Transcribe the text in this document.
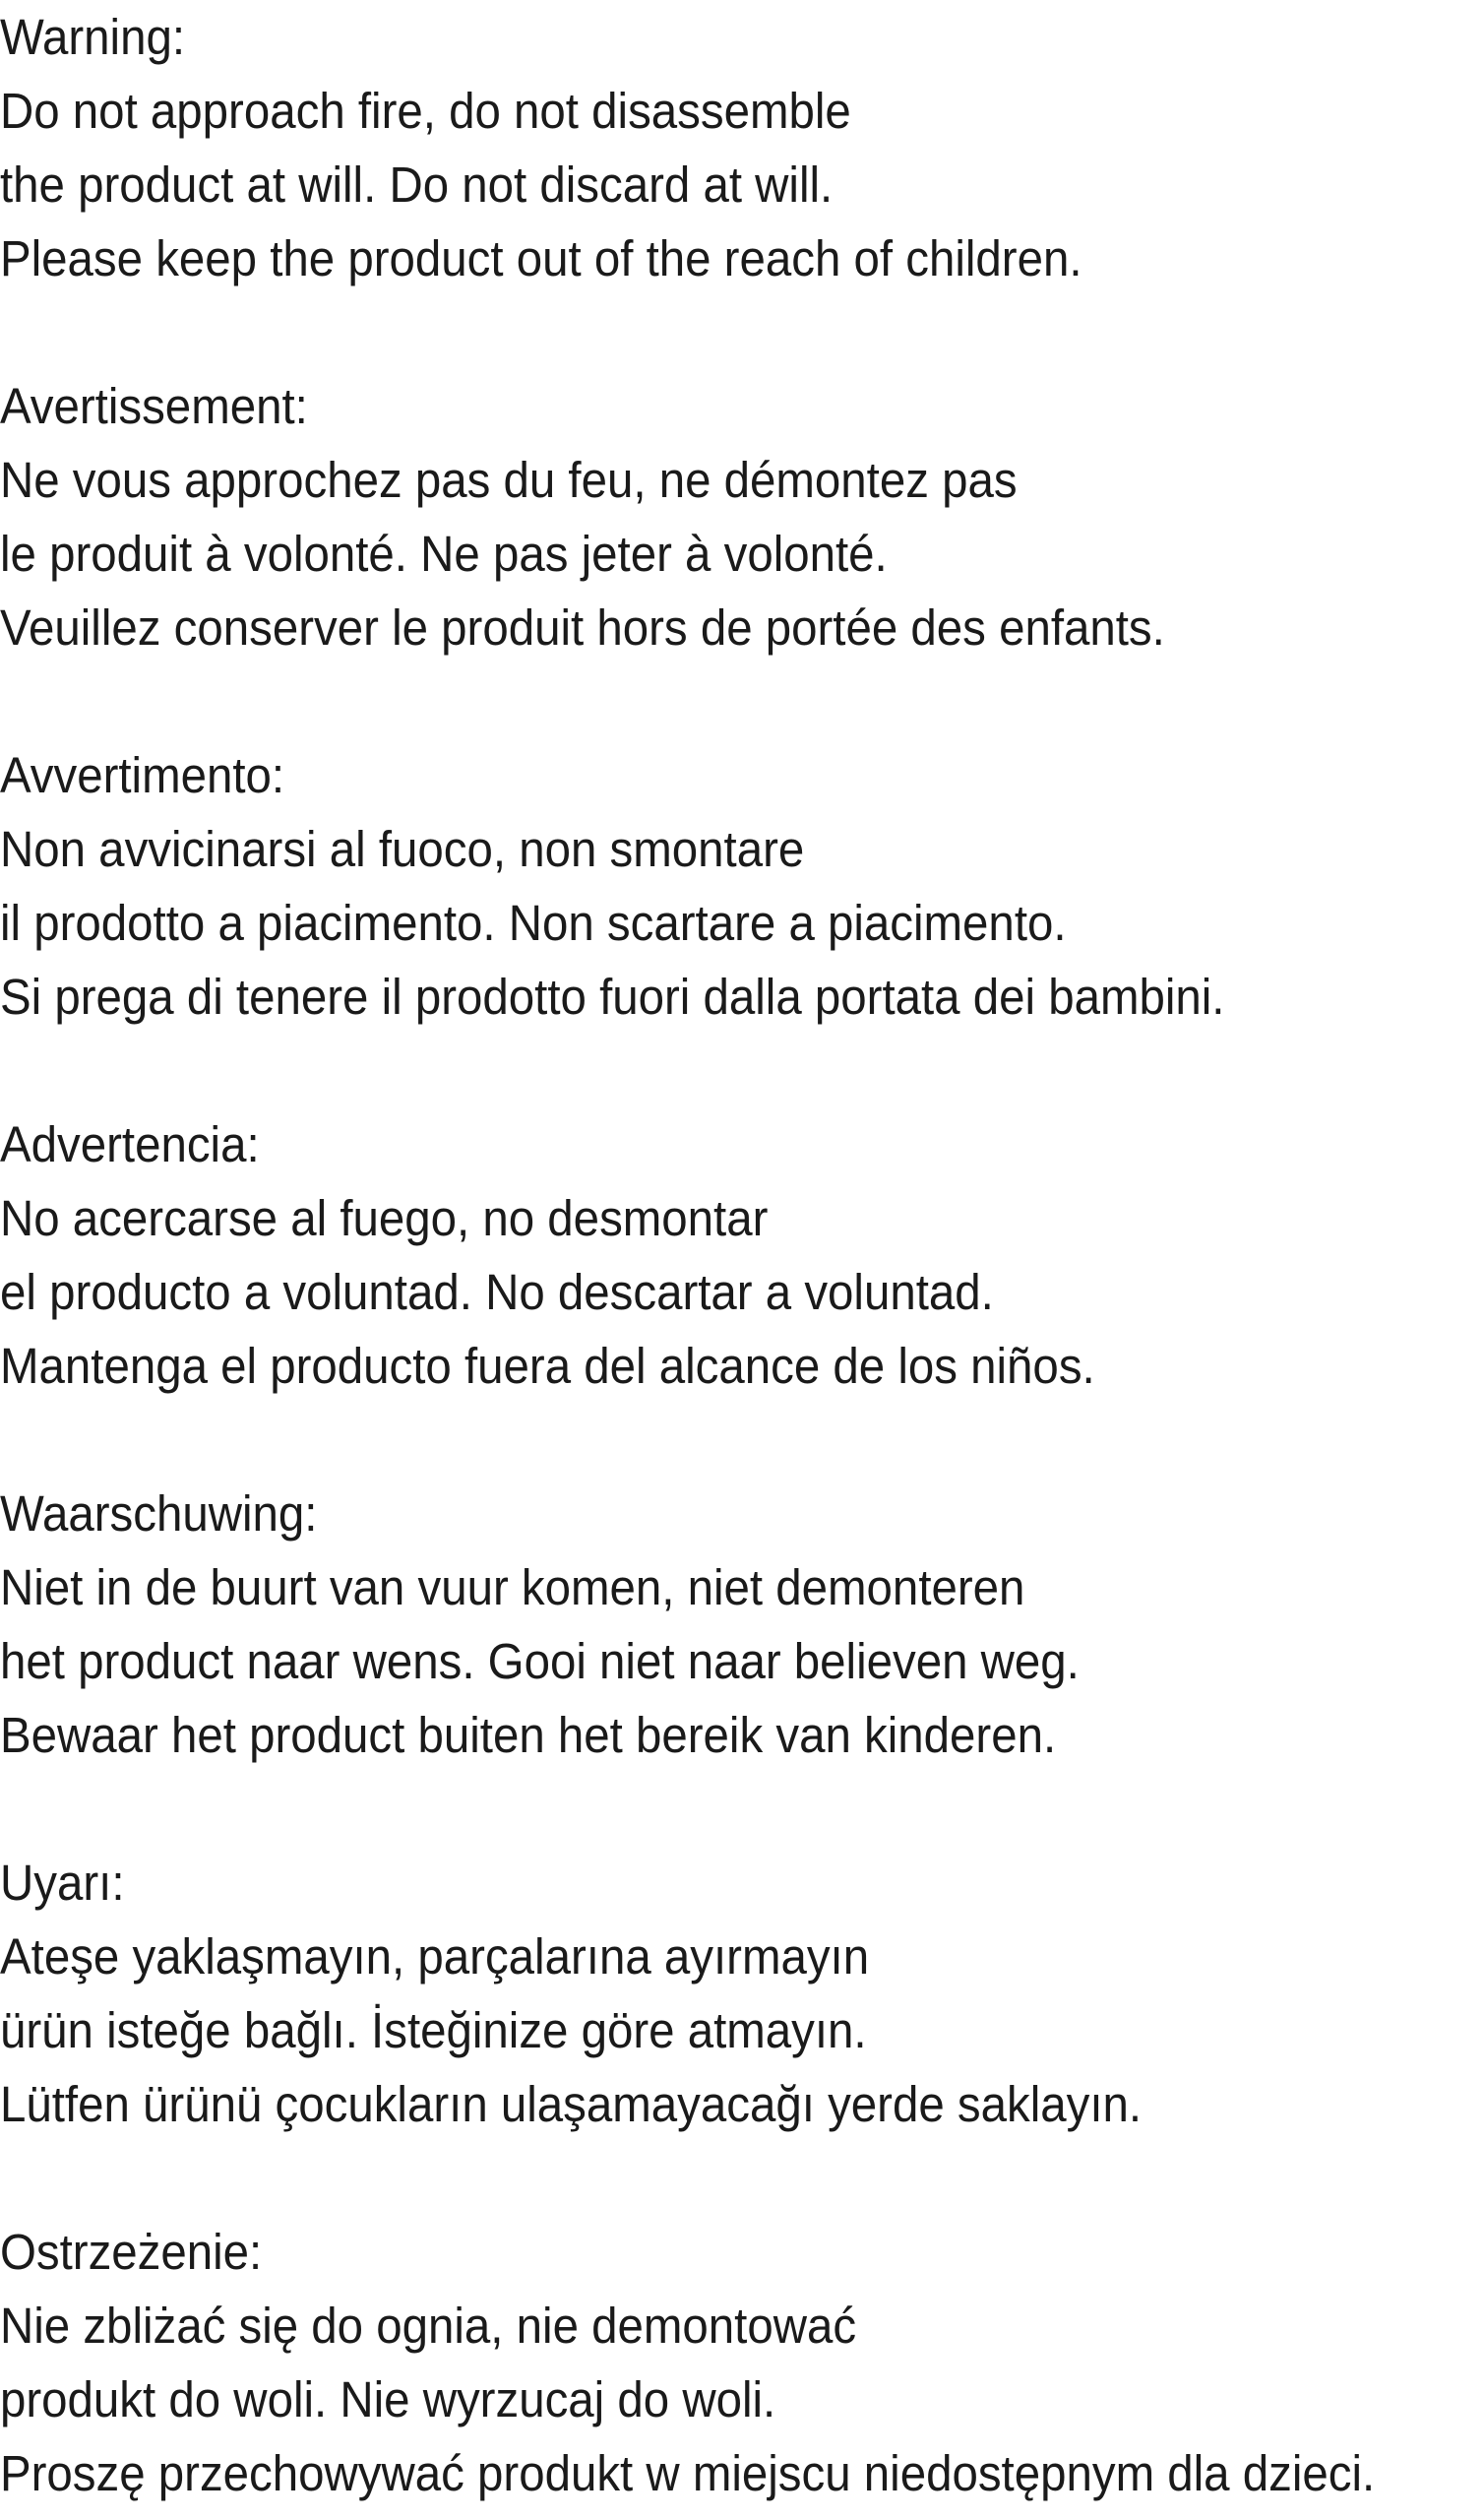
Warning:
Do not approach fire, do not disassemble
the product at will. Do not discard at will.
Please keep the product out of the reach of children.
Avertissement:
Ne vous approchez pas du feu, ne démontez pas
le produit à volonté. Ne pas jeter à volonté.
Veuillez conserver le produit hors de portée des enfants.
Avvertimento:
Non avvicinarsi al fuoco, non smontare
il prodotto a piacimento. Non scartare a piacimento.
Si prega di tenere il prodotto fuori dalla portata dei bambini.
Advertencia:
No acercarse al fuego, no desmontar
el producto a voluntad. No descartar a voluntad.
Mantenga el producto fuera del alcance de los niños.
Waarschuwing:
Niet in de buurt van vuur komen, niet demonteren
het product naar wens. Gooi niet naar believen weg.
Bewaar het product buiten het bereik van kinderen.
Uyarı:
Ateşe yaklaşmayın, parçalarına ayırmayın
ürün isteğe bağlı. İsteğinize göre atmayın.
Lütfen ürünü çocukların ulaşamayacağı yerde saklayın.
Ostrzeżenie:
Nie zbliżać się do ognia, nie demontować
produkt do woli. Nie wyrzucaj do woli.
Proszę przechowywać produkt w miejscu niedostępnym dla dzieci.
